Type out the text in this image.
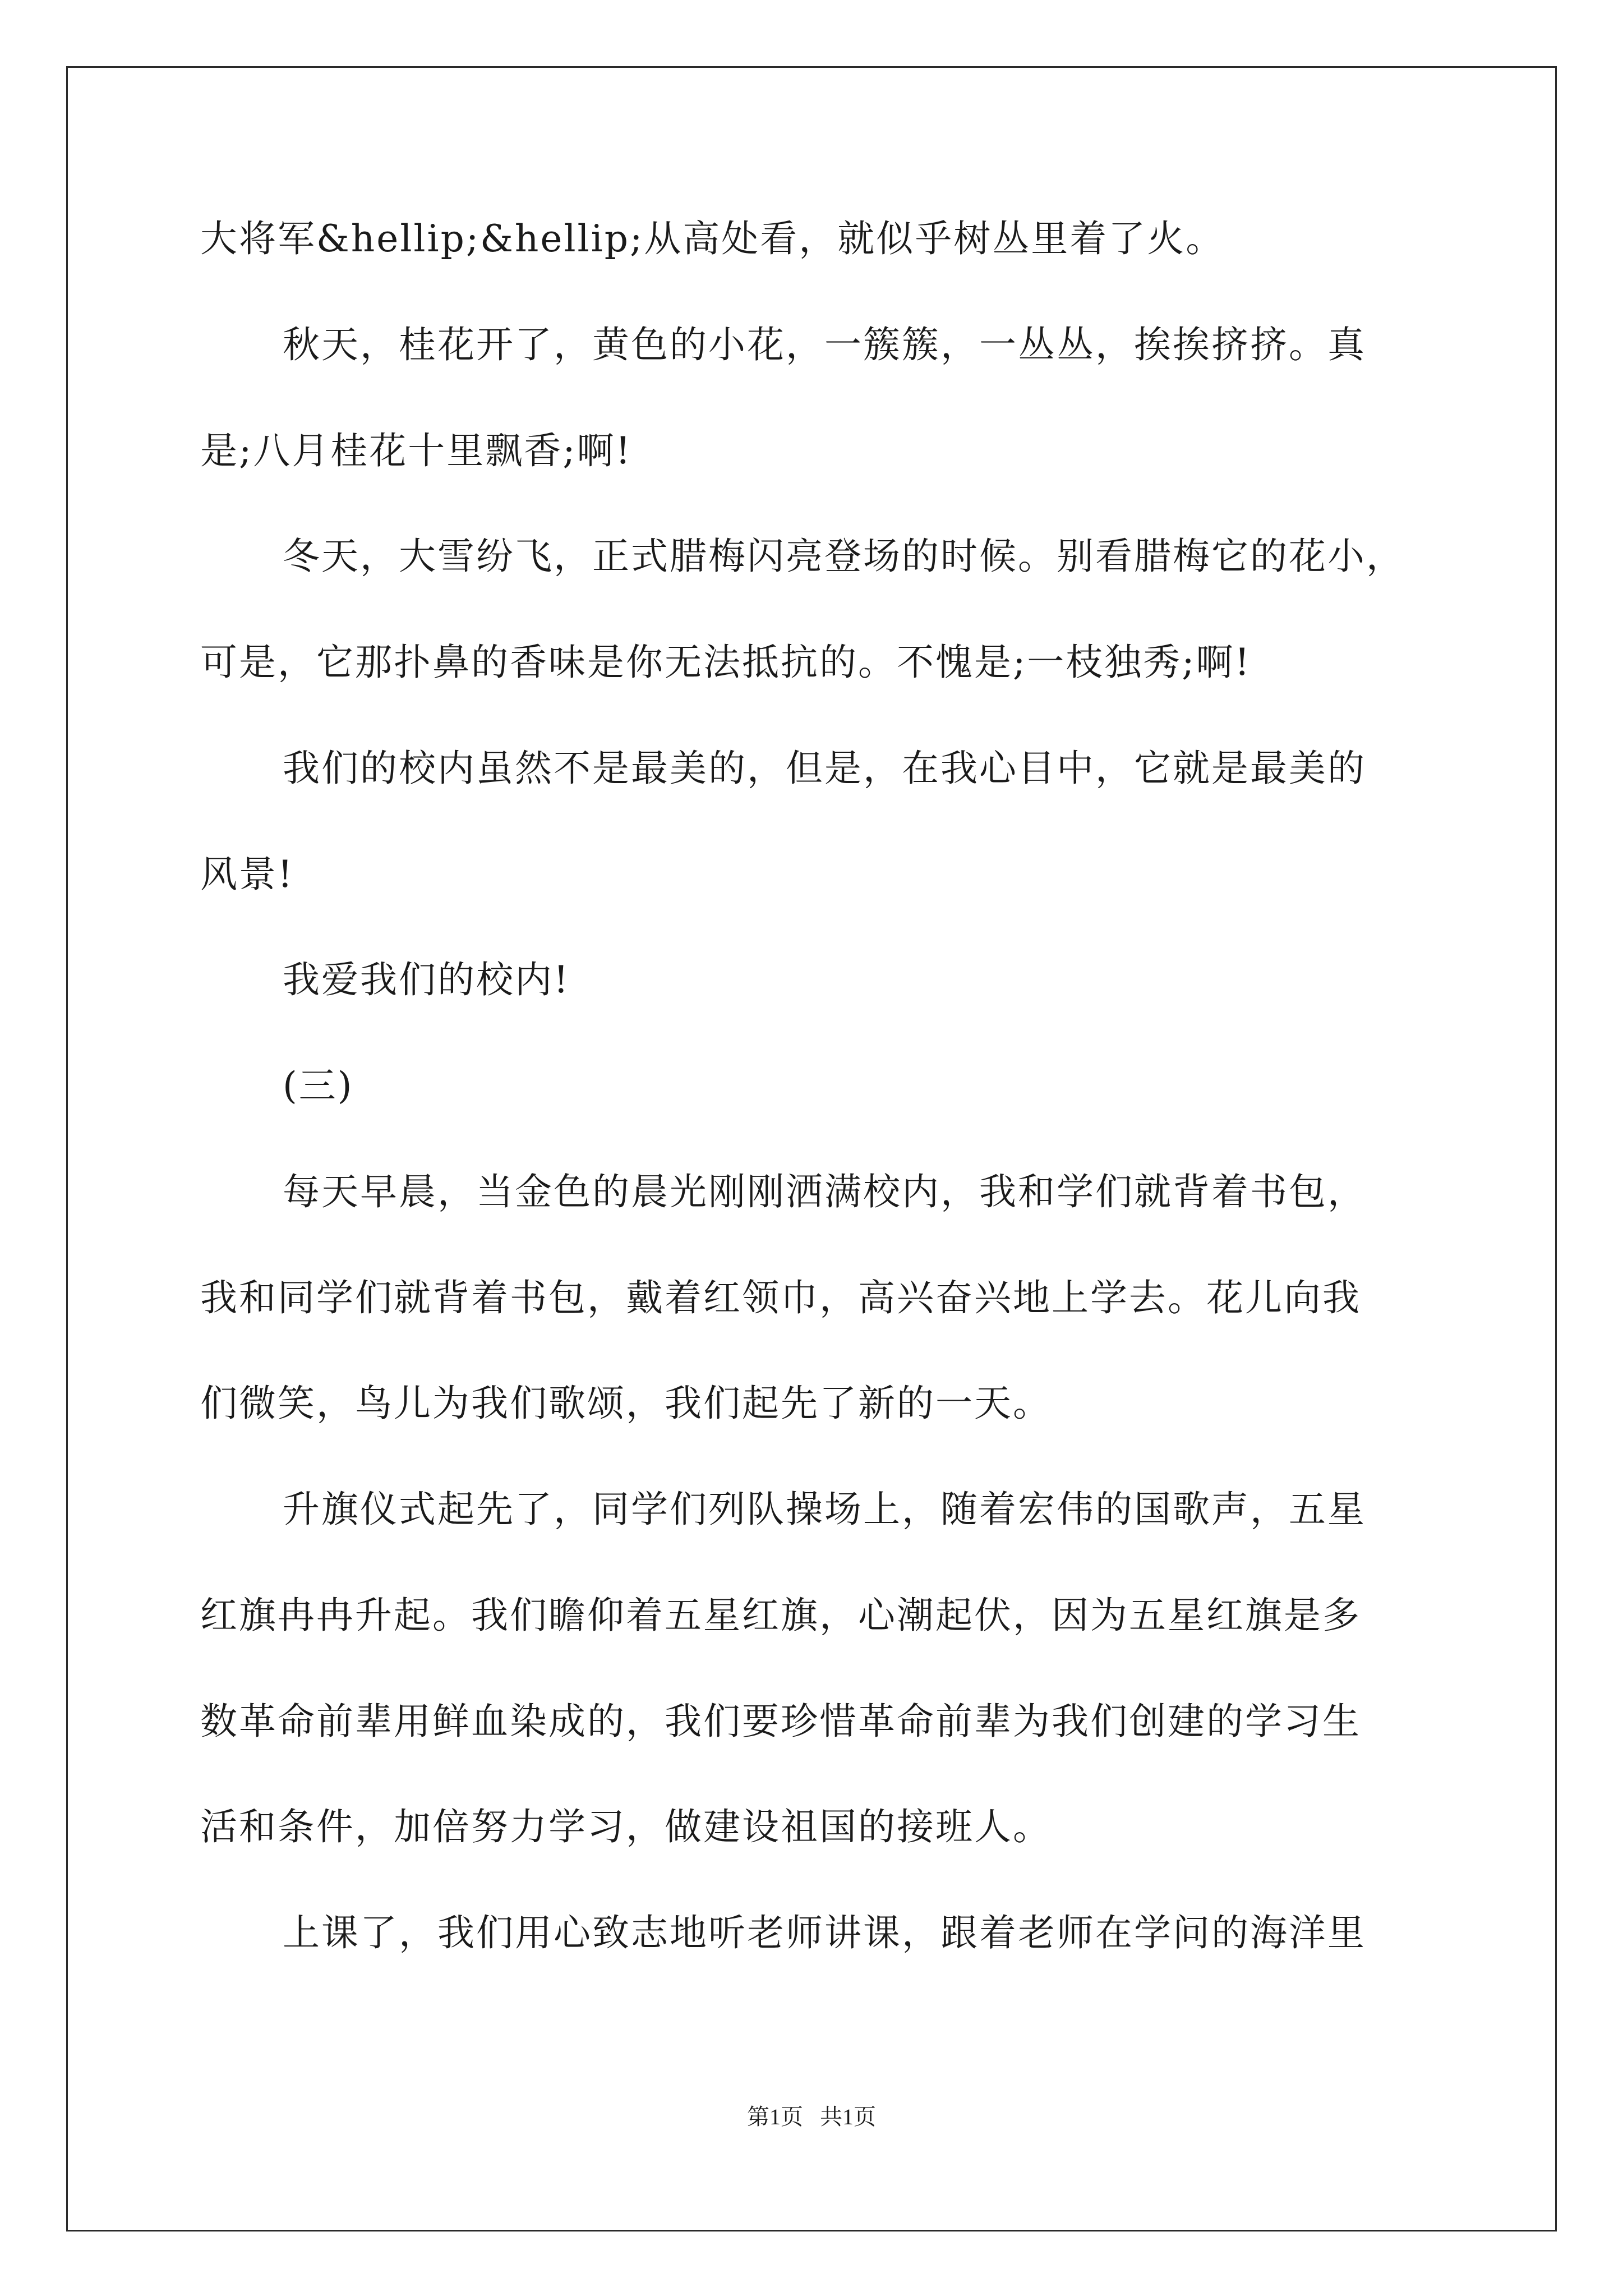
大将军&hellip;&hellip;从高处看，就似乎树丛里着了火。
秋天，桂花开了，黄色的小花，一簇簇，一丛丛，挨挨挤挤。真
是;八月桂花十里飘香;啊!
冬天，大雪纷飞，正式腊梅闪亮登场的时候。别看腊梅它的花小，
可是，它那扑鼻的香味是你无法抵抗的。不愧是;一枝独秀;啊!
我们的校内虽然不是最美的，但是，在我心目中，它就是最美的
风景!
我爱我们的校内!
(三)
每天早晨，当金色的晨光刚刚洒满校内，我和学们就背着书包，
我和同学们就背着书包，戴着红领巾，高兴奋兴地上学去。花儿向我
们微笑，鸟儿为我们歌颂，我们起先了新的一天。
升旗仪式起先了，同学们列队操场上，随着宏伟的国歌声，五星
红旗冉冉升起。我们瞻仰着五星红旗，心潮起伏，因为五星红旗是多
数革命前辈用鲜血染成的，我们要珍惜革命前辈为我们创建的学习生
活和条件，加倍努力学习，做建设祖国的接班人。
上课了，我们用心致志地听老师讲课，跟着老师在学问的海洋里
第1页   共1页
